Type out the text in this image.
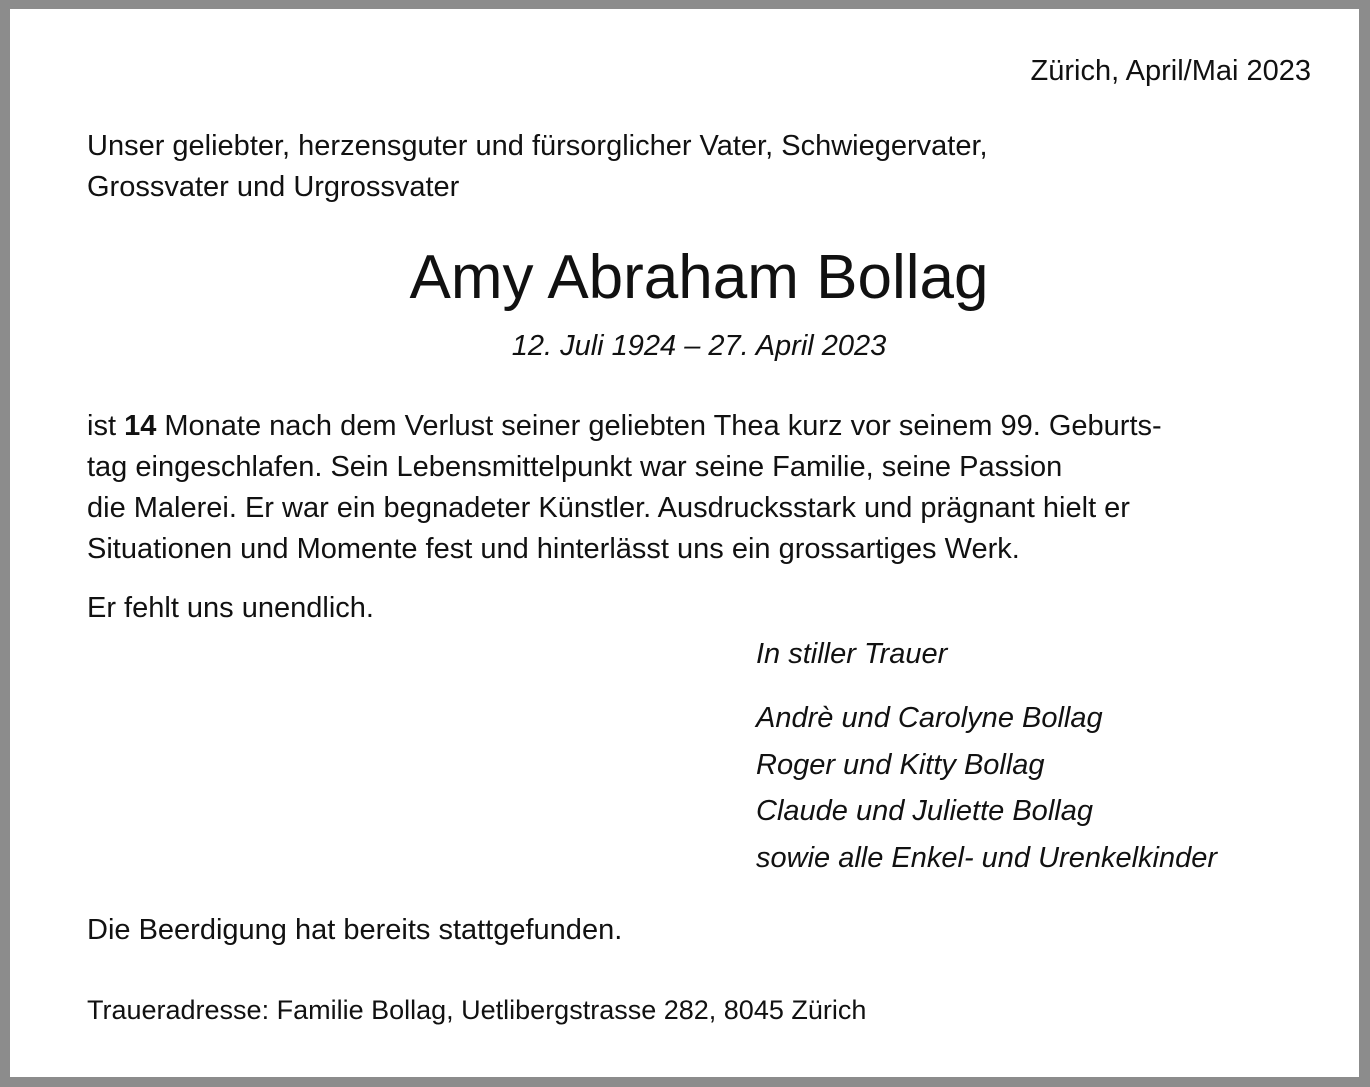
Zürich, April/Mai 2023

Unser geliebter, herzensguter und fürsorglicher Vater, Schwiegervater,
Grossvater und Urgrossvater
Amy Abraham Bollag

12. Juli 1924 – 27. April 2023

ist 14 Monate nach dem Verlust seiner geliebten Thea kurz vor seinem 99. Geburts-
tag eingeschlafen. Sein Lebensmittelpunkt war seine Familie, seine Passion
die Malerei. Er war ein begnadeter Künstler. Ausdrucksstark und prägnant hielt er
Situationen und Momente fest und hinterlässt uns ein grossartiges Werk.

Er fehlt uns unendlich.

In stiller Trauer

Andrè und Carolyne Bollag
Roger und Kitty Bollag
Claude und Juliette Bollag
sowie alle Enkel- und Urenkelkinder

Die Beerdigung hat bereits stattgefunden.

Traueradresse: Familie Bollag, Uetlibergstrasse 282, 8045 Zürich
